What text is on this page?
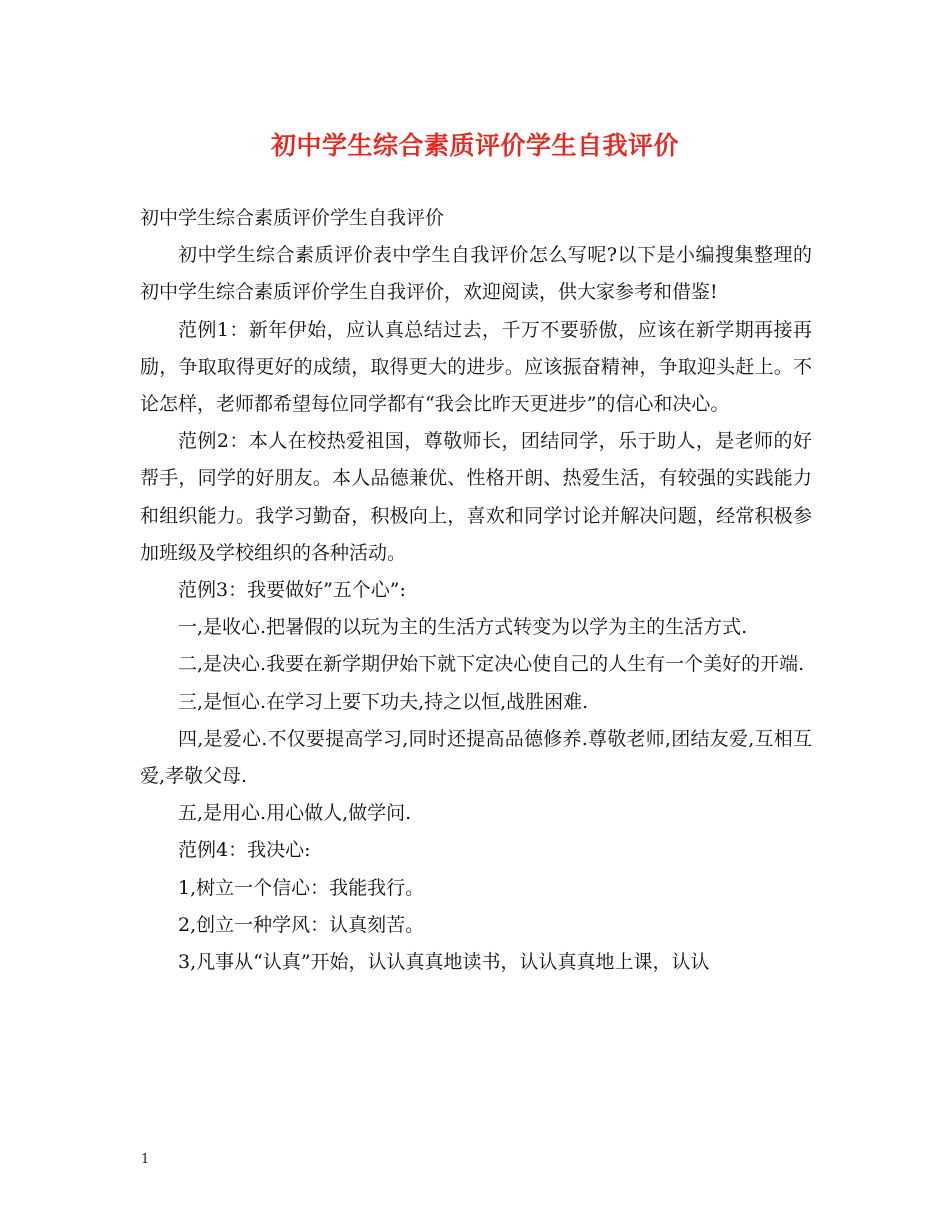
初中学生综合素质评价学生自我评价

初中学生综合素质评价学生自我评价

初中学生综合素质评价表中学生自我评价怎么写呢?以下是小编搜集整理的初中学生综合素质评价学生自我评价，欢迎阅读，供大家参考和借鉴!

范例1：新年伊始，应认真总结过去，千万不要骄傲，应该在新学期再接再励，争取取得更好的成绩，取得更大的进步。应该振奋精神，争取迎头赶上。不论怎样，老师都希望每位同学都有“我会比昨天更进步”的信心和决心。

范例2：本人在校热爱祖国，尊敬师长，团结同学，乐于助人，是老师的好帮手，同学的好朋友。本人品德兼优、性格开朗、热爱生活，有较强的实践能力和组织能力。我学习勤奋，积极向上，喜欢和同学讨论并解决问题，经常积极参加班级及学校组织的各种活动。

范例3：我要做好”五个心”:

一,是收心.把暑假的以玩为主的生活方式转变为以学为主的生活方式.

二,是决心.我要在新学期伊始下就下定决心使自己的人生有一个美好的开端.

三,是恒心.在学习上要下功夫,持之以恒,战胜困难.

四,是爱心.不仅要提高学习,同时还提高品德修养.尊敬老师,团结友爱,互相互爱,孝敬父母.

五,是用心.用心做人,做学问.

范例4：我决心:

1,树立一个信心：我能我行。

2,创立一种学风：认真刻苦。

3,凡事从“认真”开始，认认真真地读书，认认真真地上课，认认

1
